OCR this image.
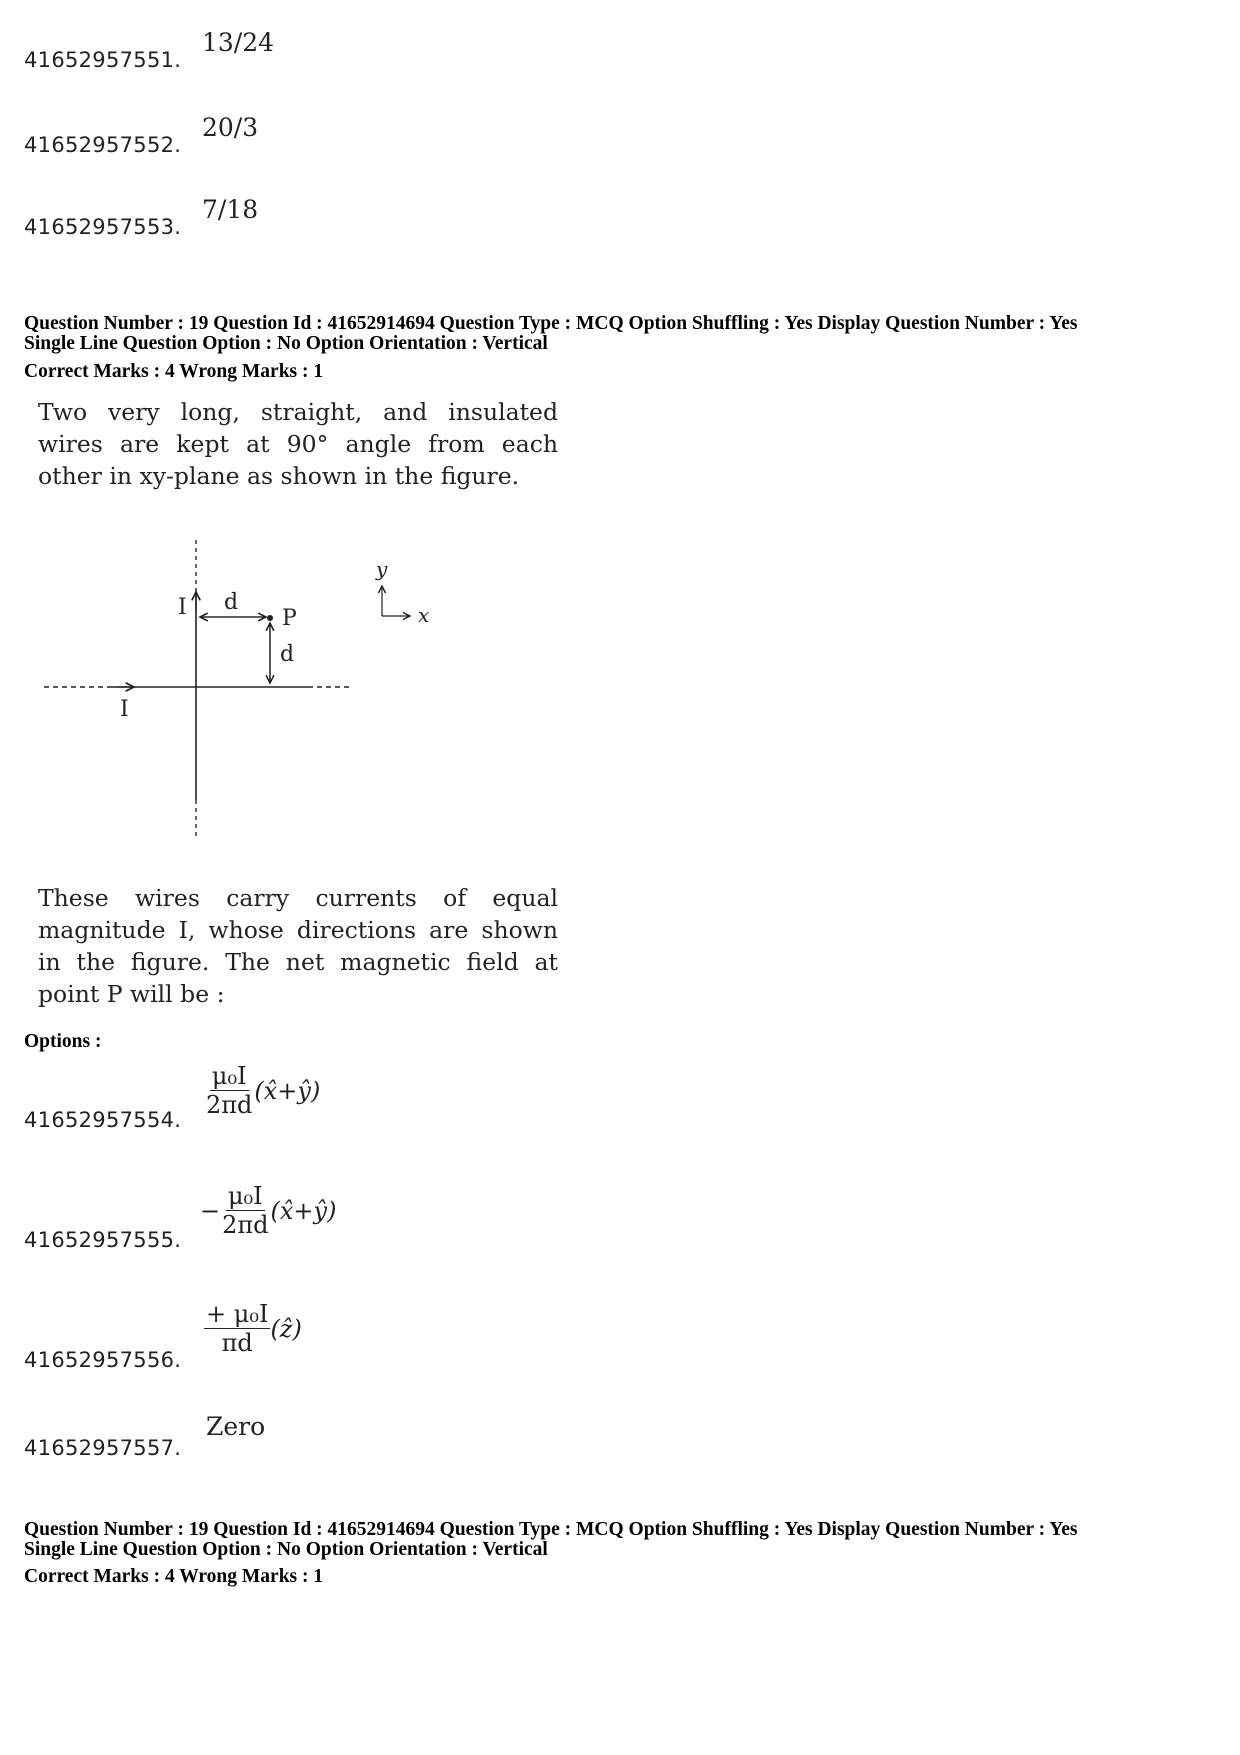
41652957551.
13/24
41652957552.
20/3
41652957553.
7/18
Question Number : 19 Question Id : 41652914694 Question Type : MCQ Option Shuffling : Yes Display Question Number : Yes
Single Line Question Option : No Option Orientation : Vertical
Correct Marks : 4 Wrong Marks : 1
Two very long, straight, and insulated wires are kept at 90° angle from each other in xy-plane as shown in the figure.
I d
P
d
I
y
x
These wires carry currents of equal magnitude I, whose directions are shown in the figure. The net magnetic field at point P will be :
Options :
41652957554.
$\frac{\text{μ₀I}}{2\pi d}$ (x̂+ŷ)
41652957555.
− $\frac{\text{μ₀I}}{2\pi d}$ (x̂+ŷ)
41652957556.
$\frac{\text{+ μ₀I}}{\pi d}$ (ẑ)
41652957557.
Zero
Question Number : 19 Question Id : 41652914694 Question Type : MCQ Option Shuffling : Yes Display Question Number : Yes
Single Line Question Option : No Option Orientation : Vertical
Correct Marks : 4 Wrong Marks : 1
